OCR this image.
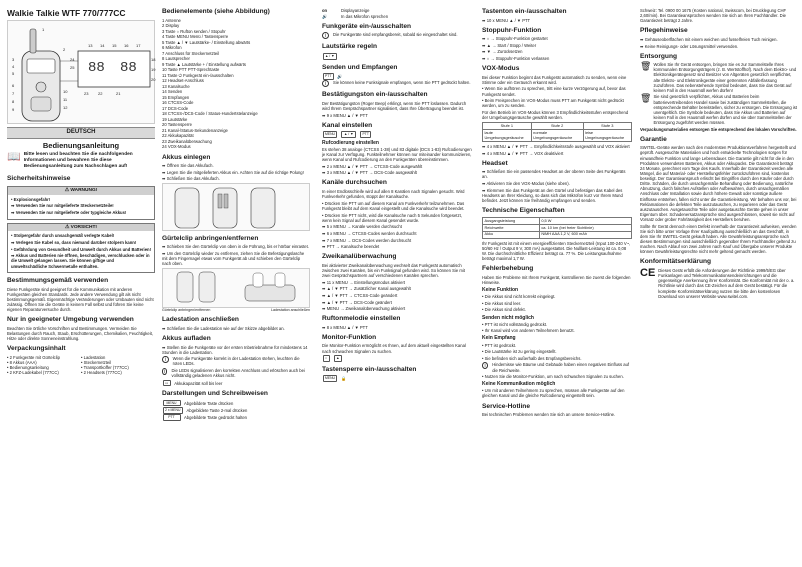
Walkie Talkie WTF 770/777CC
88 88
1
2
3
4
5
6
7
8
9
10
11
12
13 14 15 16 17
18
19
20
21
22
23
24
25
DEUTSCH
Bedienungsanleitung
📖 Bitte lesen und beachten Sie die nachfolgenden Informationen und bewahren Sie diese Bedienungsanleitung zum Nachschlagen auf!

Sicherheitshinweise
⚠ WARNUNG!

• Explosionsgefahr!

➡ Verwenden Sie nur mitgelieferte Steckernetzteile!

➡ Verwenden Sie nur mitgelieferte oder typgleiche Akkus!

⚠ VORSICHT!

• Stolpergefahr durch unsachgemäß verlegte Kabel!

➡ Verlegen Sie Kabel so, dass niemand darüber stolpern kann!

• Gefährdung von Gesundheit und Umwelt durch Akkus und Batterien!

➡ Akkus und Batterien nie öffnen, beschädigen, verschlucken oder in die Umwelt gelangen lassen. Sie können giftige und umweltschädliche Schwermetalle enthalten.

Bestimmungsgemäß verwenden

Diese Funkgeräte sind geeignet für die Kommunikation mit anderen Funkgeräten gleichen Standards. Jede andere Verwendung gilt als nicht bestimmungsgemäß. Eigenmächtige Veränderungen oder Umbauten sind nicht zulässig. Öffnen Sie die Geräte in keinem Fall selbst und führen Sie keine eigenen Reparaturversuche durch.

Nur in geeigneter Umgebung verwenden

Beachten Sie örtliche Vorschriften und Bestimmungen. Vermeiden Sie Belastungen durch Rauch, Staub, Erschütterungen, Chemikalien, Feuchtigkeit, Hitze oder direkte Sonneneinstrahlung.

Verpackungsinhalt
• 2 Funkgeräte mit Gürtelclip	• Ladestation
• 8 Akkus (AAA)	• Steckernetzteil
• Bedienungsanleitung	• Transportkoffer (777CC)
• 2 KFZ-Ladekabel (777CC)	• 2 Headsets (777CC)
Bedienelemente (siehe Abbildung)
1 Antenne
2 Display
3 Taste ○ Rufton senden / Stopuhr
4 Taste MENU Menü / Tastensperre
5 Taste ▲ / ▼ Lautstärke- / Einstellung abwärts
6 Mikrofon
7 Anschluss für Steckernetzteil
8 Lautsprecher
9 Taste ▲ Lautstärke + / Einstellung aufwärts
10 Taste PTT PTT-Sprechtaste
11 Taste ⏻ Funkgerät ein-/ausschalten
12 Headset-Anschluss
13 Kanalsuche
14 Senden
15 Empfangen
16 CTCSS-Code
17 DCS-Code
18 CTCSS-/DCS-Code / Status-Hundertstelanzeige
19 Lautstärke
20 Tastensperre
21 Kanal-/Status-Sekundenanzeige
22 Akkukapazität
23 Zweikanalüberwachung
24 VOX-Modus
Akkus einlegen

➡ Öffnen Sie das Akkufach.

➡ Legen Sie die mitgelieferten Akkus ein. Achten Sie auf die richtige Polung!

➡ Schließen Sie das Akkufach.

Gürtelclip anbringen/entfernen

➡ Schieben Sie den Gürtelclip von oben in die Führung, bis er hörbar einrastet.

➡ Um den Gürtelclip wieder zu entfernen, ziehen Sie die Befestigungslasche mit dem Fingernagel etwas vom Funkgerät ab und schieben den Gürtelclip nach oben.

Gürtelclip anbringen/entfernen	Ladestation anschließen
Ladestation anschließen

➡ Schließen Sie die Ladestation wie auf der Skizze abgebildet an.

Akkus aufladen

➡ Stellen Sie die Funkgeräte vor der ersten Inbetriebnahme für mindestens 14 Stunden in die Ladestation.

i	Wenn die Funkgeräte korrekt in der Ladestation stehen, leuchten die roten LEDs.

i	Die LEDs signalisieren den korrekten Anschluss und erlöschen auch bei vollständig geladenen Akkus nicht.

▭	Akkukapazität soll bis leer
Darstellungen und Schreibweisen
MENU	Abgebildete Taste drücken
2 x MENU	Abgebildete Taste 2-mal drücken
PTT	Abgebildete Taste gedrückt halten
on	Displayanzeige
🔊	In das Mikrofon sprechen
Funkgeräte ein-/ausschalten
i	Die Funkgeräte sind empfangsbereit, sobald sie eingeschaltet sind.

Lautstärke regeln
▲ / ▼
Senden und Empfangen
PTT	🔊
i	Sie können keine Funksignale empfangen, wenn Sie PTT gedrückt halten.

Bestätigungston ein-/ausschalten

Der Bestätigungston (Roger Beep) erklingt, wenn Sie PTT loslassen. Dadurch wird Ihrem Gesprächspartner signalisiert, dass Ihre Übertragung beendet ist.

➡ 9 x MENU ▲ / ▼ PTT

Kanal einstellen
MENU	▲ / ▼	PTT
Rufcodierung einstellen

Es stehen 38 analoge (CTCSS 1-38) und 83 digitale (DCS 1-83) Rufcodierungen je Kanal zur Verfügung. Funkteilnehmer können nur miteinander kommunizieren, wenn Kanal und Rufcodierung an den Funkgeräten übereinstimmen.

➡ 2 x MENU ▲ / ▼ PTT → CTCSS-Code ausgewählt

➡ 3 x MENU ▲ / ▼ PTT → DCS-Code ausgewählt

Kanäle durchsuchen

In einer Endlosschleife wird auf allen 8 Kanälen nach Signalen gesucht. Wird Funkverkehr gefunden, stoppt der Kanalsuche.

• Drücken Sie PTT um auf diesem Kanal am Funkverkehr teilzunehmen. Das Funkgerät bleibt auf dem Kanal eingestellt und die Kanalsuche wird beendet.

• Drücken Sie PTT nicht, wird die Kanalsuche nach 5 Sekunden fortgesetzt, wenn kein Signal auf diesem Kanal gesendet wurde.

➡ 5 x MENU → Kanäle werden durchsucht

➡ 6 x MENU → CTCSS-Codes werden durchsucht

➡ 7 x MENU → DCS-Codes werden durchsucht

➡ PTT → Kanalsuche beendet

Zweikanalüberwachung

Bei aktivierter Zweikanalüberwachung wechselt das Funkgerät automatisch zwischen zwei Kanälen, bis ein Funksignal gefunden wird. So können Sie mit zwei Gesprächspartnern auf verschiedenen Kanälen sprechen.

➡ 11 x MENU → Einstellungsmodus aktiviert

➡ ▲ / ▼ PTT → Zusätzlicher Kanal ausgewählt

➡ ▲ / ▼ PTT → CTCSS-Code geändert

➡ ▲ / ▼ PTT → DCS-Code geändert

➡ MENU → Zweikanalüberwachung aktiviert

Ruftonmelodie einstellen

➡ 8 x MENU ▲ / ▼ PTT

Monitor-Funktion

Die Monitor-Funktion ermöglicht es Ihnen, auf dem aktuell eingestellten Kanal nach schwachen Signalen zu suchen.

○	▲
Tastensperre ein-/ausschalten
MENU	🔒
Tastenton ein-/ausschalten

➡ 10 x MENU ▲ / ▼ PTT

Stoppuhr-Funktion

➡ ○ → Stoppuhr-Funktion gestartet

➡ ▲ → Start / Stopp / Weiter

➡ ▼ → Zurücksetzen

➡ ○ → Stoppuhr-Funktion verlassen

VOX-Modus

Bei dieser Funktion beginnt das Funkgerät automatisch zu senden, wenn eine Stimme oder ein Geräusch erkannt wird.

• Wenn Sie aufhören zu sprechen, tritt eine kurze Verzögerung auf, bevor das Funkgerät sendet.

• Beim Freisprechen im VOX-Modus muss PTT am Funkgerät nicht gedrückt werden, um zu senden.

Für den Betrieb im VOX-Modus können 3 Empfindlichkeitsstufen entsprechend der Umgebungsgeräusche gewählt werden.

Stufe 1	Stufe 2	Stufe 3
laute Umgebungsgeräusche	normale Umgebungsgeräusche	leise Umgebungsgeräusche

➡ 4 x MENU ▲ / ▼ PTT → Empfindlichkeitsstufe ausgewählt und VOX aktiviert

➡ 4 x MENU ▲ / ▼ PTT → VOX deaktiviert

Headset

➡ Schließen Sie ein passendes Headset an der oberen Seite des Funkgeräts an.

➡ Aktivieren Sie den VOX-Modus (siehe oben).

➡ Klemmen Sie das Funkgerät an den Gürtel und befestigen das Kabel des Headsets an Ihrer Kleidung, so dass sich das Mikrofon kurz vor Ihrem Mund befindet. Jetzt können Sie freihändig empfangen und senden.

Technische Eigenschaften
Ausgangsleistung	0,5 W
Reichweite	ca. 10 km (bei freier Sichtlinie)
Akku	NiMH AAA 1,2 V, 600 mAh

Ihr Funkgerät ist mit einem energieeffizienten Steckernetzteil (Input 100-240 V~, 50/60 Hz / Output 9 V, 300 mA) ausgestattet. Die Nulllast-Leistung ist ca. 0,08 W. Die durchschnittliche Effizienz beträgt ca. 77 %. Die Leistungsaufnahme beträgt maximal 1,7 W.

Fehlerbehebung

Haben Sie Probleme mit Ihrem Funkgerät, kontrollieren Sie zuerst die folgenden Hinweise.

Keine Funktion

• Die Akkus sind nicht korrekt eingelegt.

• Die Akkus sind leer.

• Die Akkus sind defekt.

Senden nicht möglich

• PTT ist nicht vollständig gedrückt.

• Ihr Kanal wird von anderen Teilnehmern benutzt.

Kein Empfang

• PTT ist gedrückt.

• Die Lautstärke ist zu gering eingestellt.

• Sie befinden sich außerhalb des Empfangsbereichs.

i	Hindernisse wie Bäume und Gebäude haben einen negativen Einfluss auf die Reichweite.

• Nutzen Sie die Monitor-Funktion, um nach schwachen Signalen zu suchen.

Keine Kommunikation möglich

• Um mit anderen Teilnehmern zu sprechen, müssen alle Funkgeräte auf den gleichen Kanal und die gleiche Rufcodierung eingestellt sein.

Service-Hotline

Bei technischen Problemen wenden Sie sich an unsere Service-Hotline.

Schweiz: Tel. 0900 00 1675 (Kosten national, Swisscom, bei Drucklegung CHF 2,60/min). Bei Garantieansprüchen wenden Sie sich an Ihren Fachhändler. Die Garantiezeit beträgt 2 Jahre.

Pflegehinweise

➡ Gehäuseoberflächen mit einem weichen und fusselfreien Tuch reinigen.

➡ Keine Reinigungs- oder Lösungsmittel verwenden.

Entsorgung
🗑 Wollen Sie Ihr Gerät entsorgen, bringen Sie es zur Sammelstelle Ihres kommunalen Entsorgungsträgers (z. B. Wertstoffhof). Nach dem Elektro- und Elektronikgerätegesetz sind Besitzer von Altgeräten gesetzlich verpflichtet, alte Elektro- und Elektronikgeräte einer getrennten Abfallerfassung zuzuführen. Das nebenstehende Symbol bedeutet, dass Sie das Gerät auf keinen Fall in den Hausmüll werfen dürfen!

🗑 Sie sind gesetzlich verpflichtet, Akkus und Batterien beim batterievertreibenden Handel sowie bei zuständigen Sammelstellen, die entsprechende Behälter bereitstellen, sicher zu entsorgen. Die Entsorgung ist unentgeltlich. Die Symbole bedeuten, dass Sie Akkus und Batterien auf keinen Fall in den Hausmüll werfen dürfen und sie über Sammelstellen der Entsorgung zugeführt werden müssen.

Verpackungsmaterialien entsorgen Sie entsprechend den lokalen Vorschriften.

Garantie

SWITEL-Geräte werden nach den modernsten Produktionsverfahren hergestellt und geprüft. Ausgesuchte Materialien und hoch entwickelte Technologien sorgen für einwandfreie Funktion und lange Lebensdauer. Die Garantie gilt nicht für die in den Produkten verwendeten Batterien, Akkus oder Akkupacks. Die Garantiezeit beträgt 24 Monate, gerechnet vom Tage des Kaufs. Innerhalb der Garantiezeit werden alle Mängel, die auf Material- oder Herstellungsfehler zurückzuführen sind, kostenlos beseitigt. Der Garantieanspruch erlischt bei Eingriffen durch den Käufer oder durch Dritte. Schäden, die durch unsachgemäße Behandlung oder Bedienung, natürliche Abnutzung, durch falsches Aufstellen oder Aufbewahren, durch unsachgemäßen Anschluss oder Installation sowie durch höhere Gewalt oder sonstige äußere Einflüsse entstehen, fallen nicht unter die Garantieleistung. Wir behalten uns vor, bei Reklamationen die defekten Teile auszutauschen, zu reparieren oder das Gerät auszutauschen. Ausgetauschte Teile oder ausgetauschte Geräte gehen in unser Eigentum über. Schadenersatzansprüche sind ausgeschlossen, soweit sie nicht auf Vorsatz oder grober Fahrlässigkeit des Herstellers beruhen.

Sollte Ihr Gerät dennoch einen Defekt innerhalb der Garantiezeit aufweisen, wenden Sie sich bitte unter Vorlage Ihrer Kaufquittung ausschließlich an das Geschäft, in dem Sie Ihr SWITEL-Gerät gekauft haben. Alle Gewährleistungsansprüche nach diesen Bestimmungen sind ausschließlich gegenüber Ihrem Fachhändler geltend zu machen. Nach Ablauf von zwei Jahren nach Kauf und Übergabe unserer Produkte können Gewährleistungsrechte nicht mehr geltend gemacht werden.

Konformitätserklärung
CE Dieses Gerät erfüllt die Anforderungen der Richtlinie 1999/5/EG über Funkanlagen und Telekommunikationsendeinrichtungen und die gegenseitige Anerkennung ihrer Konformität. Die Konformität mit der o. a. Richtlinie wird durch das CE-Zeichen auf dem Gerät bestätigt. Für die komplette Konformitätserklärung nutzen Sie bitte den kostenlosen Download von unserer Website www.switel.com.
